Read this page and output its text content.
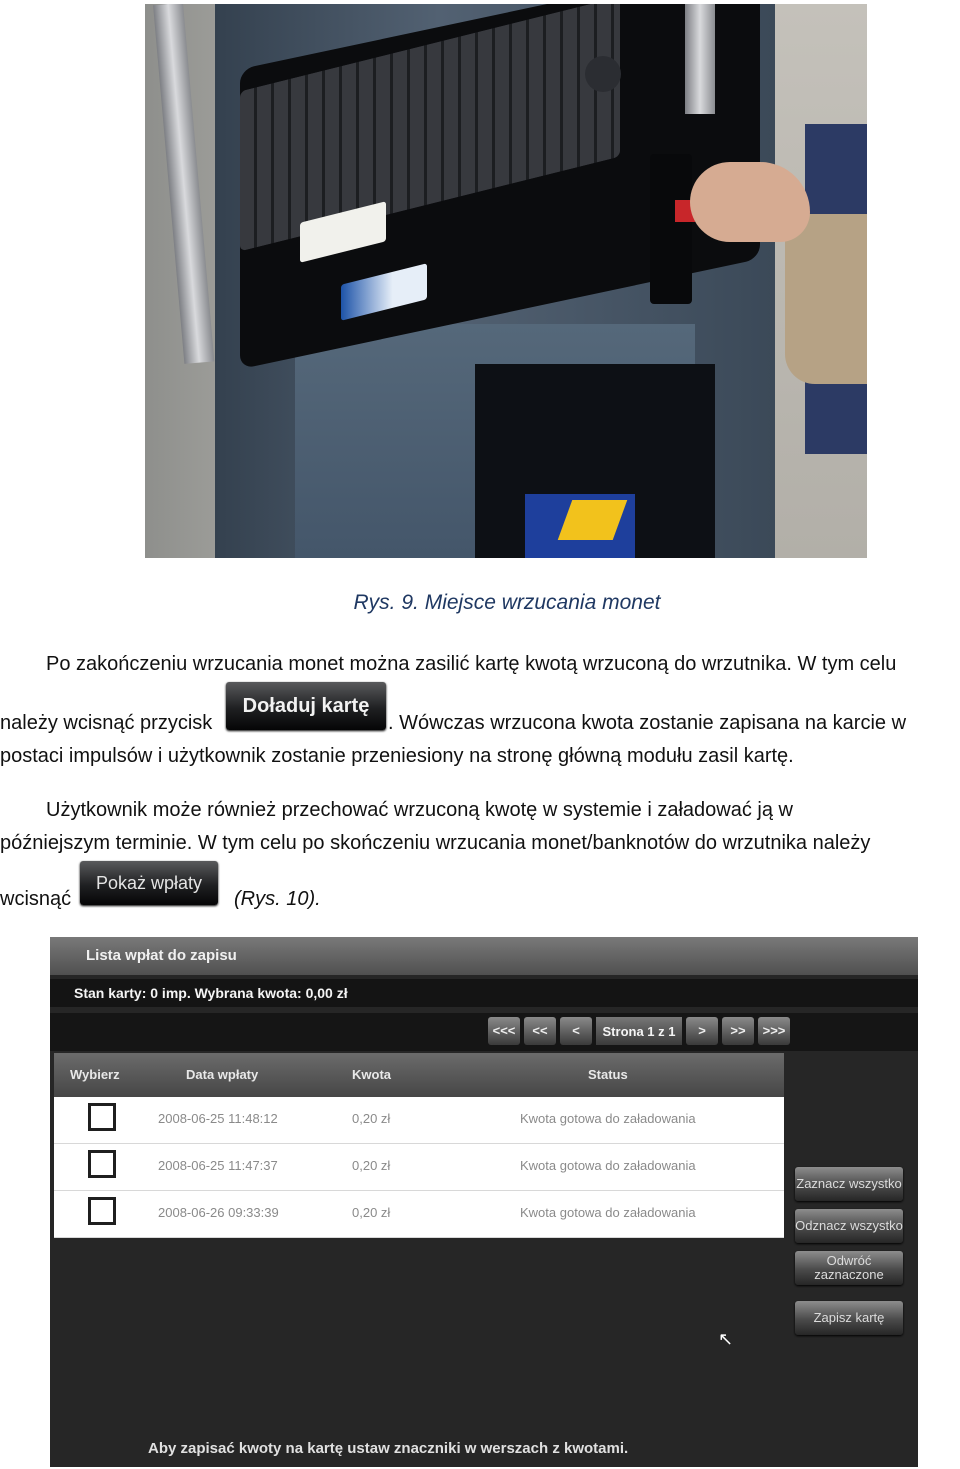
Rys. 9. Miejsce wrzucania monet
Po zakończeniu wrzucania monet można zasilić kartę kwotą wrzuconą do wrzutnika. W tym celu
należy wcisnąć przycisk
Doładuj kartę
. Wówczas wrzucona kwota zostanie zapisana na karcie w
postaci impulsów i użytkownik zostanie przeniesiony na stronę główną modułu zasil kartę.
Użytkownik może również przechować wrzuconą kwotę w systemie i załadować ją w
późniejszym terminie. W tym celu po skończeniu wrzucania monet/banknotów do wrzutnika należy
wcisnąć
Pokaż wpłaty
(Rys. 10).
Lista wpłat do zapisu
Stan karty: 0 imp. Wybrana kwota: 0,00 zł
<<<	<<	<	Strona 1 z 1	>	>>	>>>
Wybierz	Data wpłaty	Kwota	Status
2008-06-25 11:48:12	0,20 zł	Kwota gotowa do załadowania
2008-06-25 11:47:37	0,20 zł	Kwota gotowa do załadowania
2008-06-26 09:33:39	0,20 zł	Kwota gotowa do załadowania
Zaznacz wszystko
Odznacz wszystko
Odwróć zaznaczone
Zapisz kartę
↖
Aby zapisać kwoty na kartę ustaw znaczniki w werszach z kwotami.
